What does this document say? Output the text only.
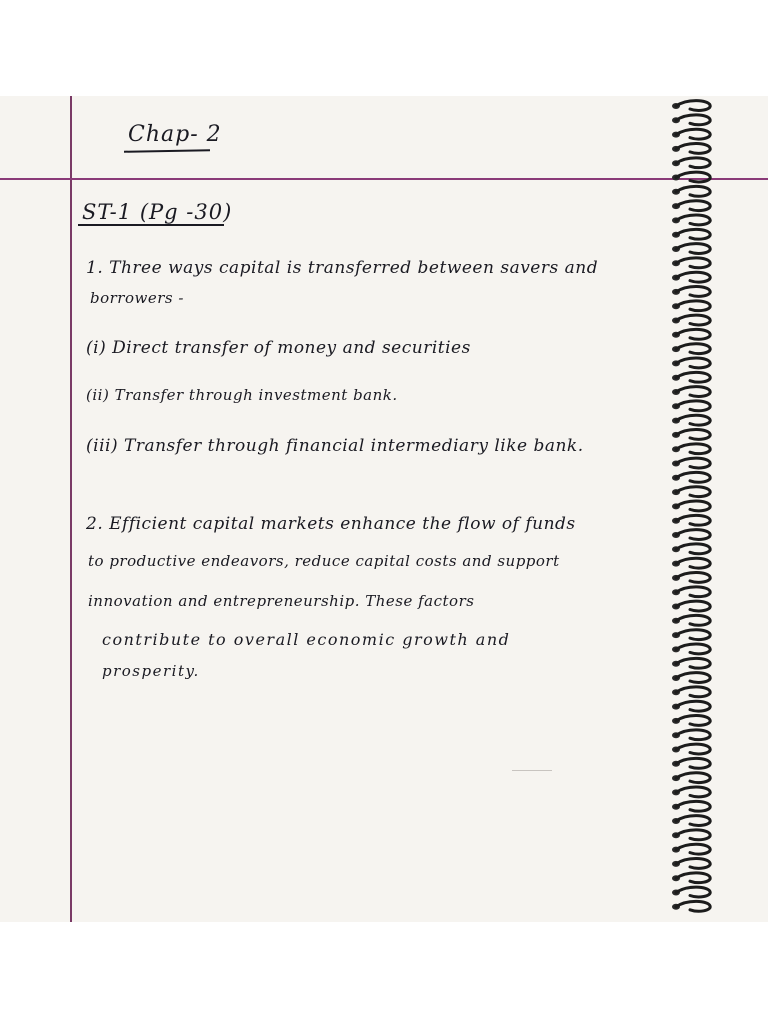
Chap- 2
ST-1 (Pg -30)
1. Three ways capital is transferred between savers and
borrowers -
(i) Direct transfer of money and securities
(ii) Transfer through investment bank.
(iii) Transfer through financial intermediary like bank.
2. Efficient capital markets enhance the flow of funds
to productive endeavors, reduce capital costs and support
innovation and entrepreneurship. These factors
contribute to overall economic growth and
prosperity.
